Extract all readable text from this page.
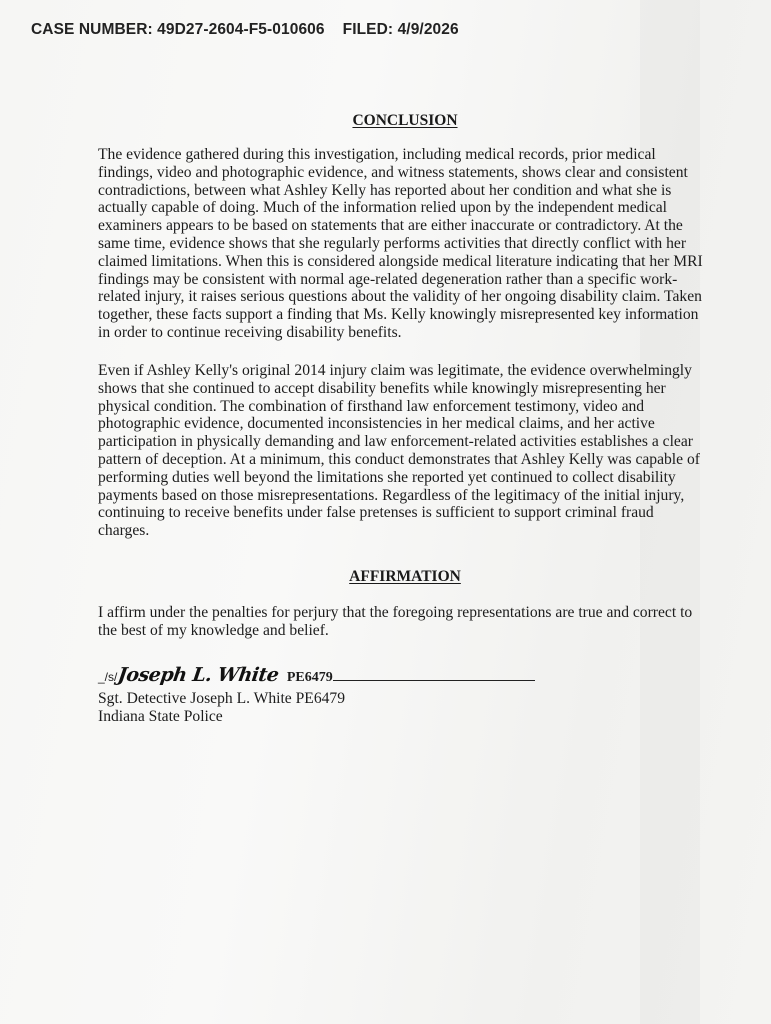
CASE NUMBER: 49D27-2604-F5-010606 FILED: 4/9/2026
CONCLUSION
The evidence gathered during this investigation, including medical records, prior medical
findings, video and photographic evidence, and witness statements, shows clear and consistent
contradictions, between what Ashley Kelly has reported about her condition and what she is
actually capable of doing. Much of the information relied upon by the independent medical
examiners appears to be based on statements that are either inaccurate or contradictory. At the
same time, evidence shows that she regularly performs activities that directly conflict with her
claimed limitations. When this is considered alongside medical literature indicating that her MRI
findings may be consistent with normal age-related degeneration rather than a specific work-
related injury, it raises serious questions about the validity of her ongoing disability claim. Taken
together, these facts support a finding that Ms. Kelly knowingly misrepresented key information
in order to continue receiving disability benefits.
Even if Ashley Kelly's original 2014 injury claim was legitimate, the evidence overwhelmingly
shows that she continued to accept disability benefits while knowingly misrepresenting her
physical condition. The combination of firsthand law enforcement testimony, video and
photographic evidence, documented inconsistencies in her medical claims, and her active
participation in physically demanding and law enforcement-related activities establishes a clear
pattern of deception. At a minimum, this conduct demonstrates that Ashley Kelly was capable of
performing duties well beyond the limitations she reported yet continued to collect disability
payments based on those misrepresentations. Regardless of the legitimacy of the initial injury,
continuing to receive benefits under false pretenses is sufficient to support criminal fraud
charges.
AFFIRMATION
I affirm under the penalties for perjury that the foregoing representations are true and correct to
the best of my knowledge and belief.
_/s/Joseph L. White PE6479
Sgt. Detective Joseph L. White PE6479
Indiana State Police
